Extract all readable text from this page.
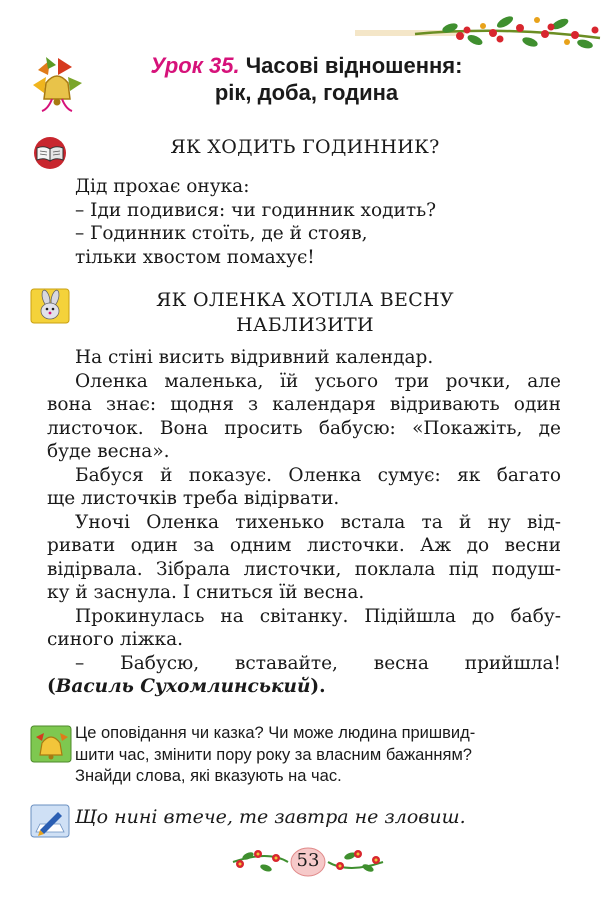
Урок 35. Часові відношення:
рік, доба, година
ЯК ХОДИТЬ ГОДИННИК?
Дід прохає онука:
– Іди подивися: чи годинник ходить?
– Годинник стоїть, де й стояв,
тільки хвостом помахує!
ЯК ОЛЕНКА ХОТІЛА ВЕСНУ
НАБЛИЗИТИ
На стіні висить відривний календар.
Оленка маленька, їй усього три рочки, але
вона знає: щодня з календаря відривають один
листочок. Вона просить бабусю: «Покажіть, де
буде весна».
Бабуся й показує. Оленка сумує: як багато
ще листочків треба відірвати.
Уночі Оленка тихенько встала та й ну від-
ривати один за одним листочки. Аж до весни
відірвала. Зібрала листочки, поклала під подуш-
ку й заснула. І сниться їй весна.
Прокинулась на світанку. Підійшла до бабу-
синого ліжка.
– Бабусю, вставайте, весна прийшла!
(Василь Сухомлинський).
Це оповідання чи казка? Чи може людина пришвид-
шити час, змінити пору року за власним бажанням?
Знайди слова, які вказують на час.
Що нині втече, те завтра не зловиш.
53
